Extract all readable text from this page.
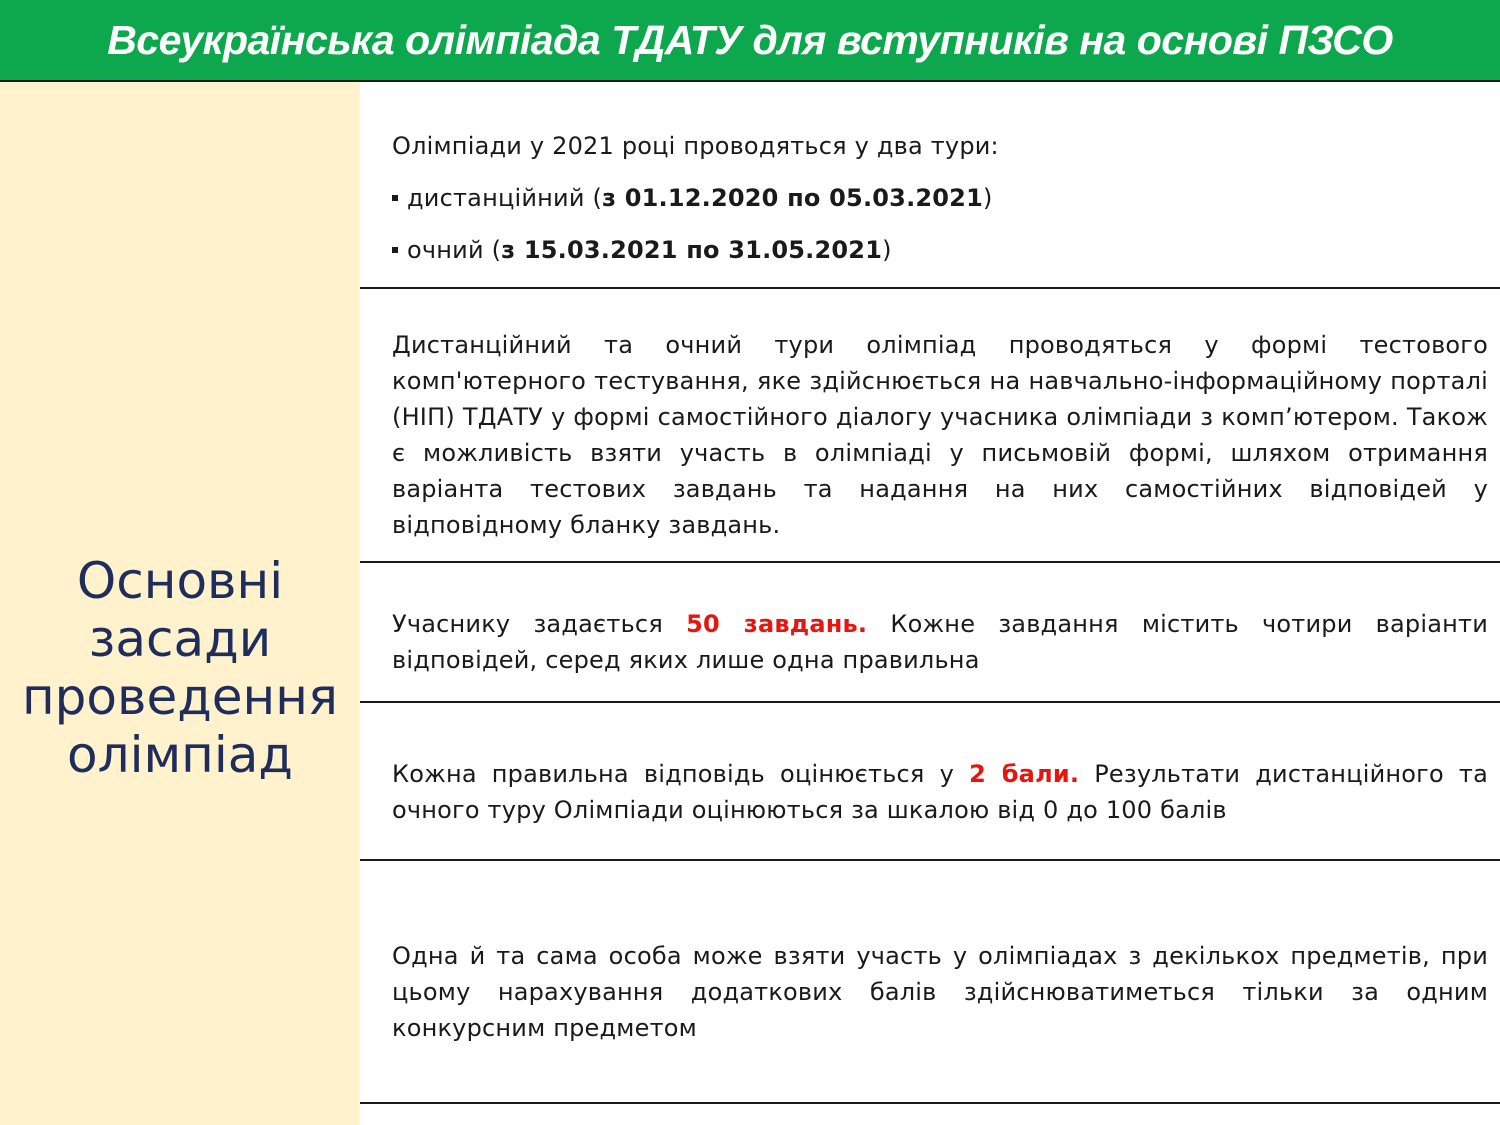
Всеукраїнська олімпіада ТДАТУ для вступників на основі ПЗСО
Основні
засади
проведення
олімпіад

Олімпіади у 2021 році проводяться у два тури:

дистанційний (з 01.12.2020 по 05.03.2021)

очний (з 15.03.2021 по 31.05.2021)

Дистанційний та очний тури олімпіад проводяться у формі тестового комп'ютерного тестування, яке здійснюється на навчально-інформаційному порталі (НІП) ТДАТУ у формі самостійного діалогу учасника олімпіади з комп’ютером. Також є можливість взяти участь в олімпіаді у письмовій формі, шляхом отримання варіанта тестових завдань та надання на них самостійних відповідей у відповідному бланку завдань.

Учаснику задається 50 завдань. Кожне завдання містить чотири варіанти відповідей, серед яких лише одна правильна

Кожна правильна відповідь оцінюється у 2 бали. Результати дистанційного та очного туру Олімпіади оцінюються за шкалою від 0 до 100 балів

Одна й та сама особа може взяти участь у олімпіадах з декількох предметів, при цьому нарахування додаткових балів здійснюватиметься тільки за одним конкурсним предметом
